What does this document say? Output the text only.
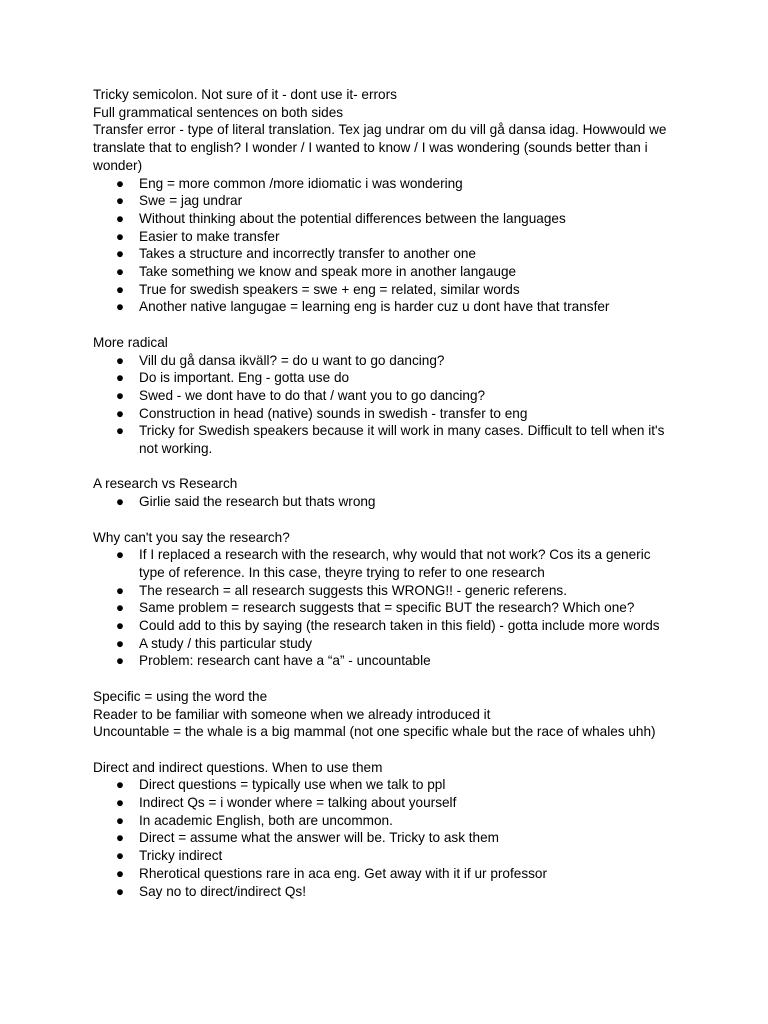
Tricky semicolon. Not sure of it - dont use it- errors

Full grammatical sentences on both sides

Transfer error - type of literal translation. Tex jag undrar om du vill gå dansa idag. Howwould we translate that to english? I wonder / I wanted to know / I was wondering (sounds better than i wonder)

● Eng = more common /more idiomatic i was wondering
● Swe = jag undrar
● Without thinking about the potential differences between the languages
● Easier to make transfer
● Takes a structure and incorrectly transfer to another one
● Take something we know and speak more in another langauge
● True for swedish speakers = swe + eng = related, similar words
● Another native langugae = learning eng is harder cuz u dont have that transfer

More radical

● Vill du gå dansa ikväll? = do u want to go dancing?
● Do is important. Eng - gotta use do
● Swed - we dont have to do that / want you to go dancing?
● Construction in head (native) sounds in swedish - transfer to eng
● Tricky for Swedish speakers because it will work in many cases. Difficult to tell when it's not working.

A research vs Research

● Girlie said the research but thats wrong

Why can't you say the research?

● If I replaced a research with the research, why would that not work? Cos its a generic type of reference. In this case, theyre trying to refer to one research
● The research = all research suggests this WRONG!! - generic referens.
● Same problem = research suggests that = specific BUT the research? Which one?
● Could add to this by saying (the research taken in this field) - gotta include more words
● A study / this particular study
● Problem: research cant have a “a” - uncountable

Specific = using the word the

Reader to be familiar with someone when we already introduced it

Uncountable = the whale is a big mammal (not one specific whale but the race of whales uhh)

Direct and indirect questions. When to use them

● Direct questions = typically use when we talk to ppl
● Indirect Qs = i wonder where = talking about yourself
● In academic English, both are uncommon.
● Direct = assume what the answer will be. Tricky to ask them
● Tricky indirect
● Rherotical questions rare in aca eng. Get away with it if ur professor
● Say no to direct/indirect Qs!
